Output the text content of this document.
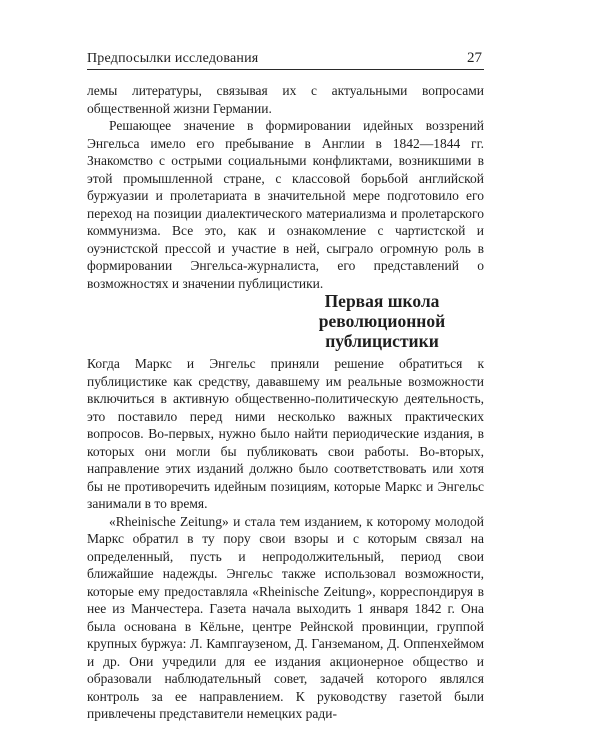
Предпосылки исследования	27

лемы литературы, связывая их с актуальными вопросами общественной жизни Германии.

Решающее значение в формировании идейных воззрений Энгельса имело его пребывание в Англии в 1842—1844 гг. Знакомство с острыми социальными конфликтами, возникшими в этой промышленной стране, с классовой борьбой английской буржуазии и пролетариата в значительной мере подготовило его переход на позиции диалектического материализма и пролетарского коммунизма. Все это, как и ознакомление с чартистской и оуэнистской прессой и участие в ней, сыграло огромную роль в формировании Энгельса-журналиста, его представлений о возможностях и значении публицистики.

Первая школа
революционной
публицистики

Когда Маркс и Энгельс приняли решение обратиться к публицистике как средству, дававшему им реальные возможности включиться в активную общественно-политическую деятельность, это поставило перед ними несколько важных практических вопросов. Во-первых, нужно было найти периодические издания, в которых они могли бы публиковать свои работы. Во-вторых, направление этих изданий должно было соответствовать или хотя бы не противоречить идейным позициям, которые Маркс и Энгельс занимали в то время.

«Rheinische Zeitung» и стала тем изданием, к которому молодой Маркс обратил в ту пору свои взоры и с которым связал на определенный, пусть и непродолжительный, период свои ближайшие надежды. Энгельс также использовал возможности, которые ему предоставляла «Rheinische Zeitung», корреспондируя в нее из Манчестера. Газета начала выходить 1 января 1842 г. Она была основана в Кёльне, центре Рейнской провинции, группой крупных буржуа: Л. Кампгаузеном, Д. Ганземаном, Д. Оппенхеймом и др. Они учредили для ее издания акционерное общество и образовали наблюдательный совет, задачей которого являлся контроль за ее направлением. К руководству газетой были привлечены представители немецких ради-
